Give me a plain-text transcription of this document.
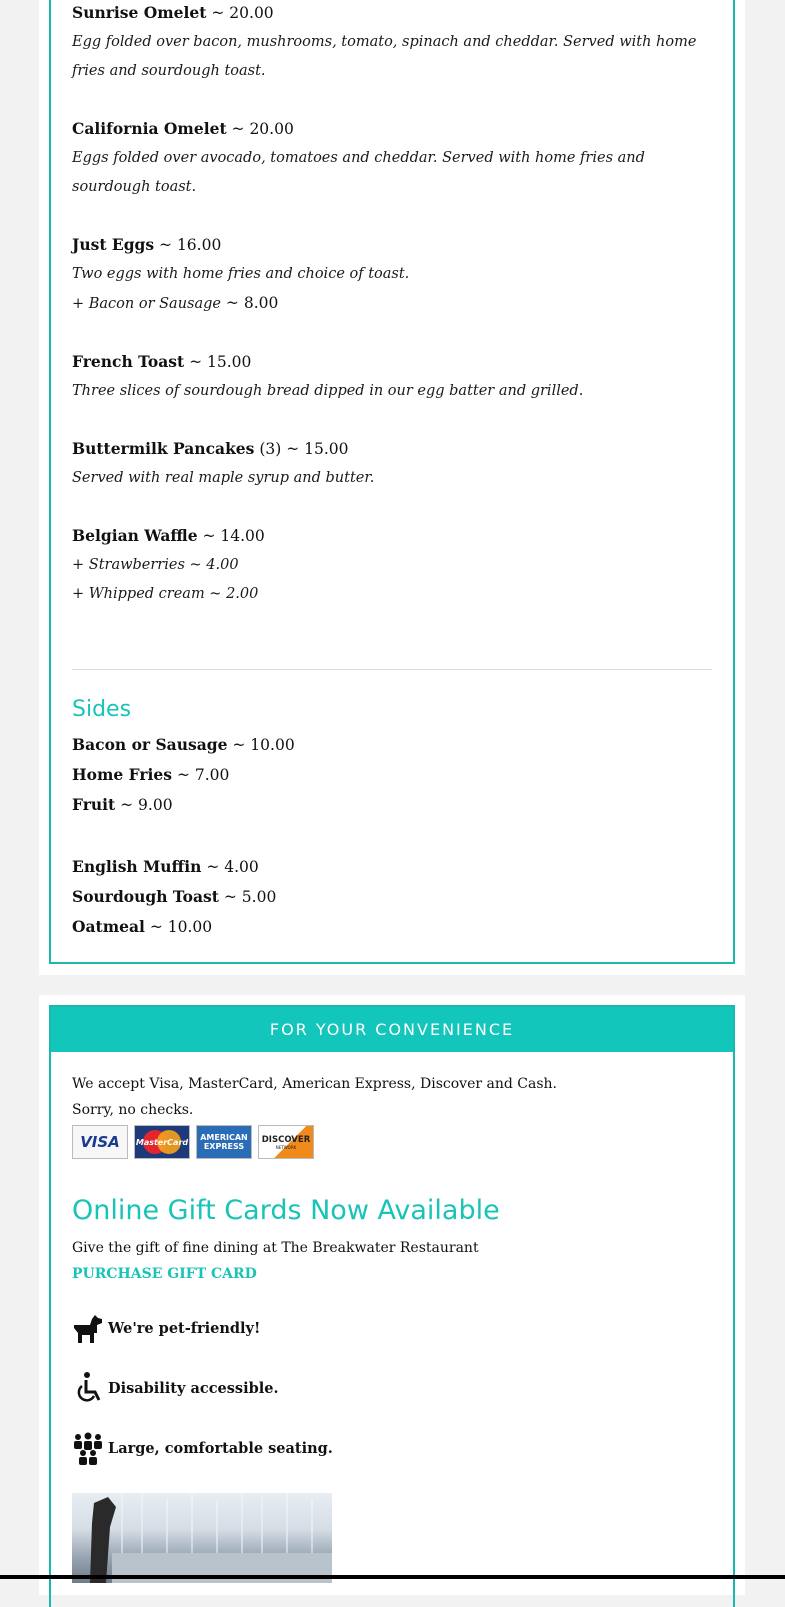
Sunrise Omelet ~ 20.00
Egg folded over bacon, mushrooms, tomato, spinach and cheddar. Served with home fries and sourdough toast.
California Omelet ~ 20.00
Eggs folded over avocado, tomatoes and cheddar. Served with home fries and sourdough toast.
Just Eggs ~ 16.00
Two eggs with home fries and choice of toast.
+ Bacon or Sausage ~ 8.00
French Toast ~ 15.00
Three slices of sourdough bread dipped in our egg batter and grilled.
Buttermilk Pancakes (3) ~ 15.00
Served with real maple syrup and butter.
Belgian Waffle ~ 14.00
+ Strawberries ~ 4.00
+ Whipped cream ~ 2.00
Sides
Bacon or Sausage ~ 10.00
Home Fries ~ 7.00
Fruit ~ 9.00
English Muffin ~ 4.00
Sourdough Toast ~ 5.00
Oatmeal ~ 10.00
FOR YOUR CONVENIENCE
We accept Visa, MasterCard, American Express, Discover and Cash.
Sorry, no checks.
VISA MasterCard AMERICAN
EXPRESS
DISCOVER
NETWORK
Online Gift Cards Now Available
Give the gift of fine dining at The Breakwater Restaurant
PURCHASE GIFT CARD
We're pet-friendly!
Disability accessible.
Large, comfortable seating.
